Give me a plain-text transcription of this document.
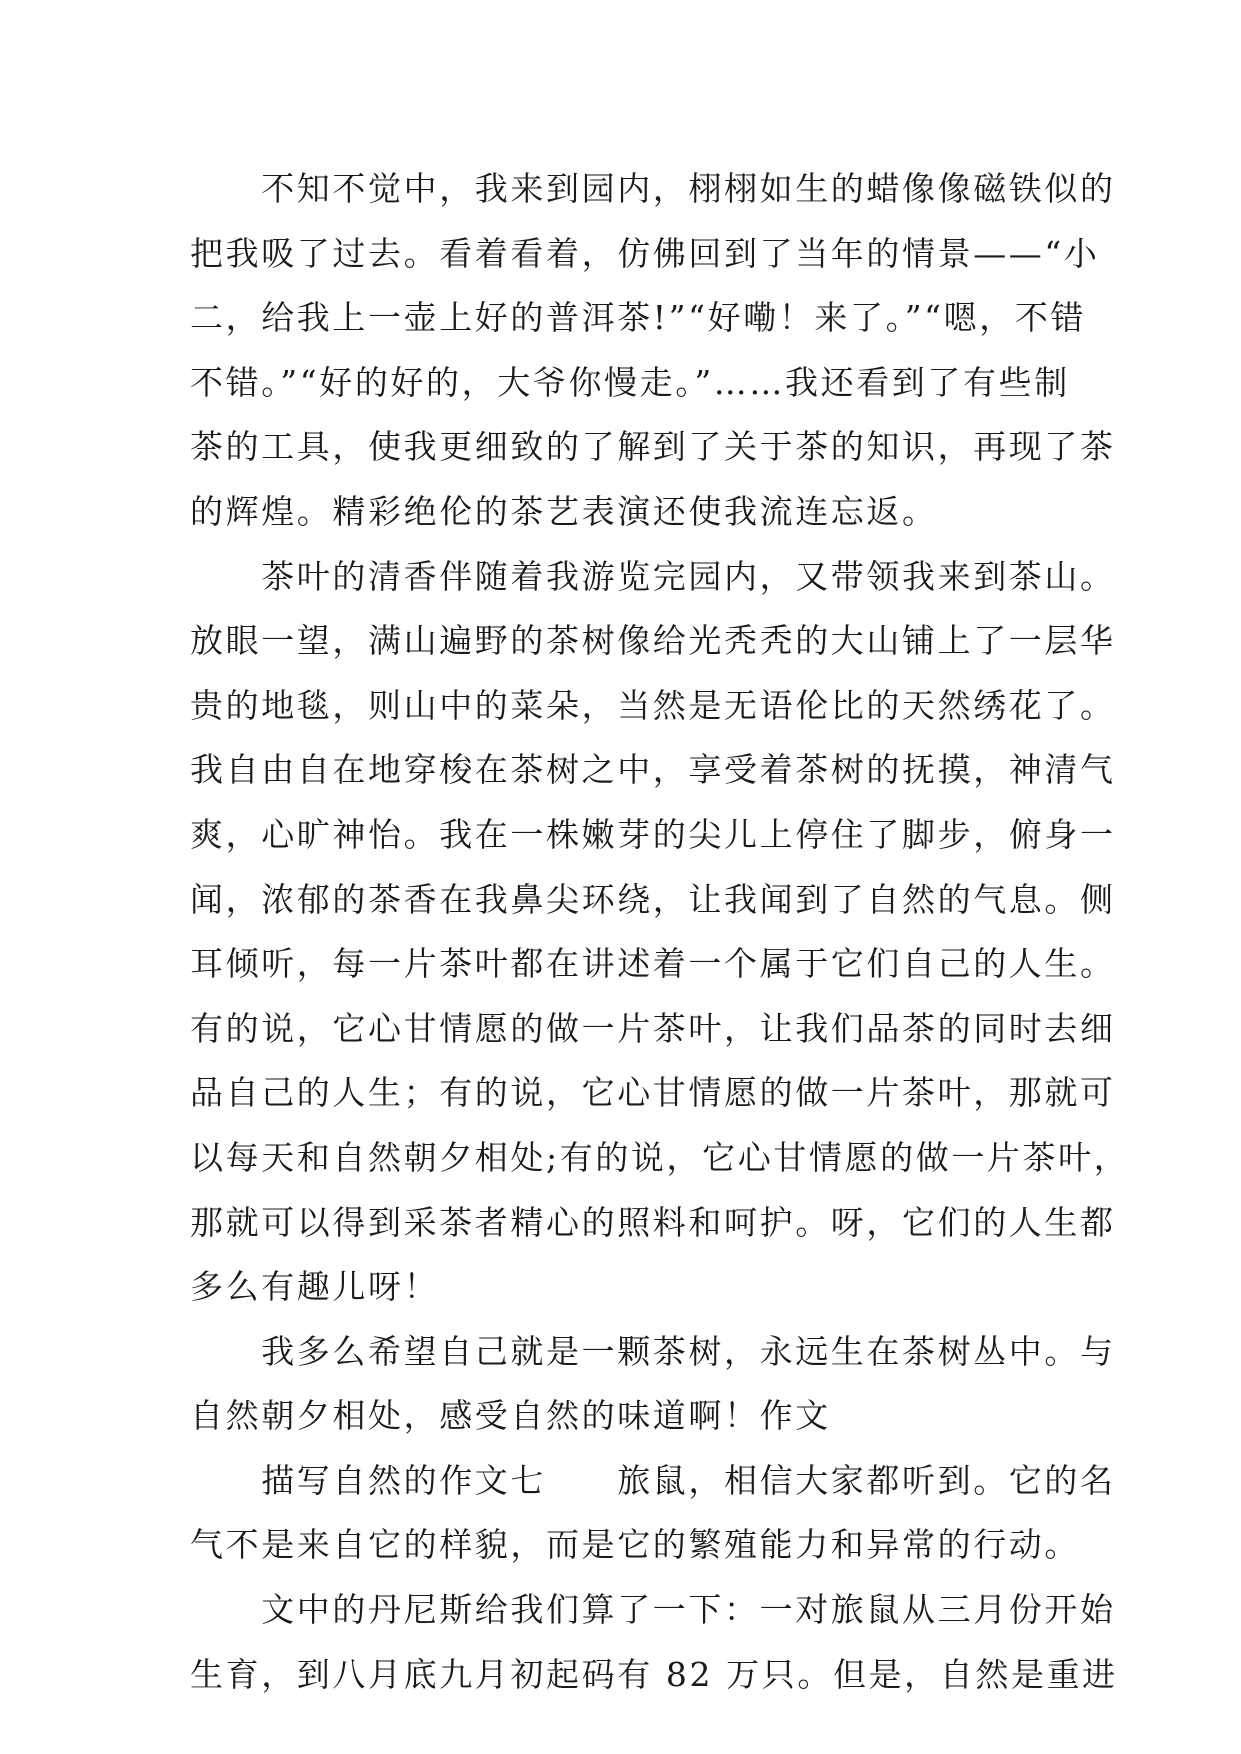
　　不知不觉中，我来到园内，栩栩如生的蜡像像磁铁似的
把我吸了过去。看着看着，仿佛回到了当年的情景——“小
二，给我上一壶上好的普洱茶!”“好嘞！来了。”“嗯，不错
不错。”“好的好的，大爷你慢走。”……我还看到了有些制
茶的工具，使我更细致的了解到了关于茶的知识，再现了茶
的辉煌。精彩绝伦的茶艺表演还使我流连忘返。
　　茶叶的清香伴随着我游览完园内，又带领我来到茶山。
放眼一望，满山遍野的茶树像给光秃秃的大山铺上了一层华
贵的地毯，则山中的菜朵，当然是无语伦比的天然绣花了。
我自由自在地穿梭在茶树之中，享受着茶树的抚摸，神清气
爽，心旷神怡。我在一株嫩芽的尖儿上停住了脚步，俯身一
闻，浓郁的茶香在我鼻尖环绕，让我闻到了自然的气息。侧
耳倾听，每一片茶叶都在讲述着一个属于它们自己的人生。
有的说，它心甘情愿的做一片茶叶，让我们品茶的同时去细
品自己的人生；有的说，它心甘情愿的做一片茶叶，那就可
以每天和自然朝夕相处;有的说，它心甘情愿的做一片茶叶，
那就可以得到采茶者精心的照料和呵护。呀，它们的人生都
多么有趣儿呀！
　　我多么希望自己就是一颗茶树，永远生在茶树丛中。与
自然朝夕相处，感受自然的味道啊！作文
　　描写自然的作文七　　旅鼠，相信大家都听到。它的名
气不是来自它的样貌，而是它的繁殖能力和异常的行动。
　　文中的丹尼斯给我们算了一下：一对旅鼠从三月份开始
生育，到八月底九月初起码有 82 万只。但是，自然是重进
